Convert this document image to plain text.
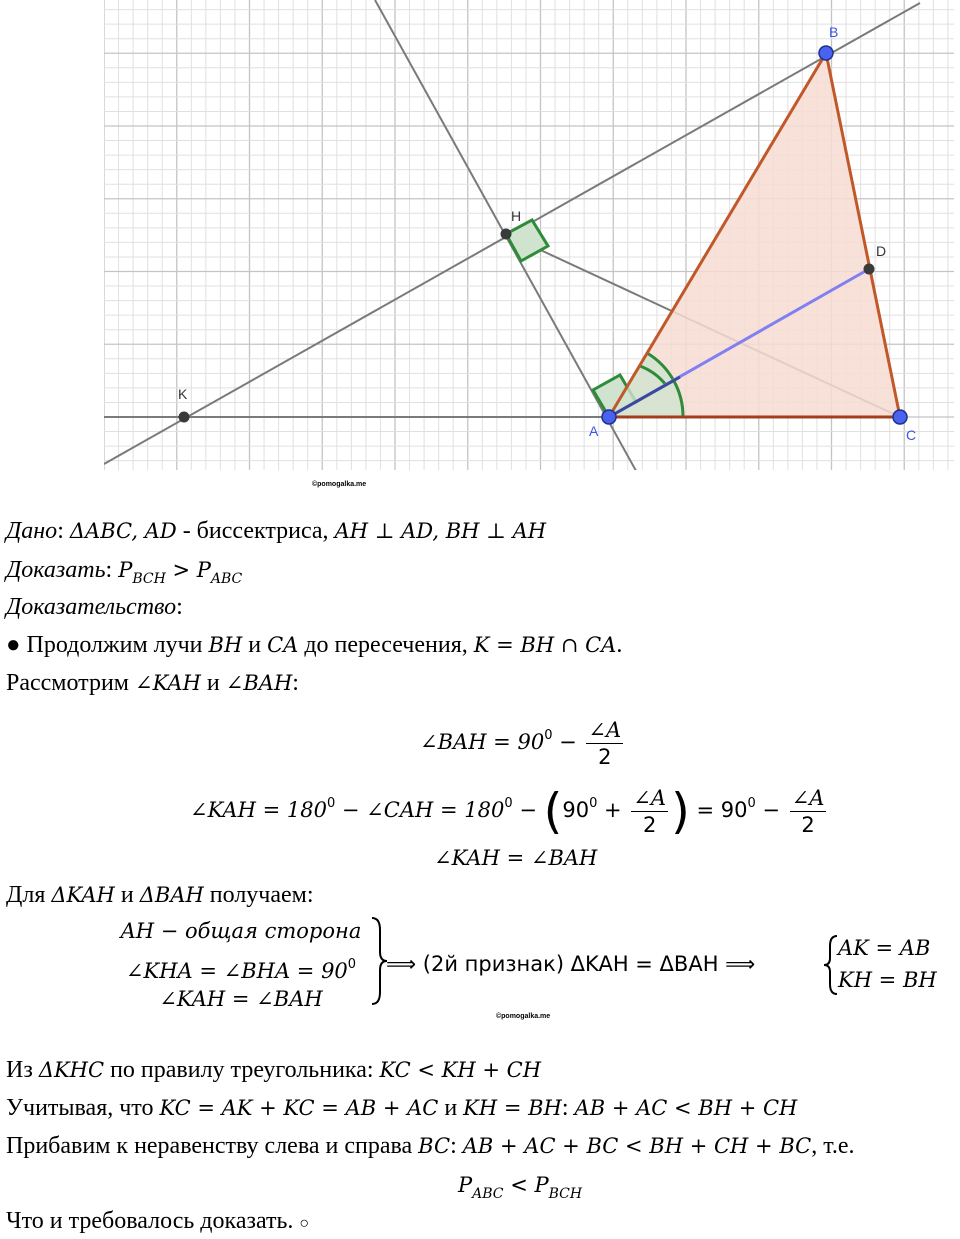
B
H
D
K
A	C
©pomogalka.me
Дано: ΔABC, AD - биссектриса, AH ⊥ AD, BH ⊥ AH
Доказать: $P_{BCH} > P_{ABC}$
Доказательство:
● Продолжим лучи BH и CA до пересечения, K = BH ∩ CA.
Рассмотрим ∠KAH и ∠BAH:
∠BAH = $90^0 - \frac{\angle A}{2}$
∠KAH = $180^0$ − ∠CAH = $180^0 - (90^0 + \frac{\angle A}{2}$ ) = $90^0 - \frac{\angle A}{2}$
∠KAH = ∠BAH
Для ΔKAH и ΔBAH получаем:
AH − общая сторона
∠KHA = ∠BHA = $90^0$
∠KAH = ∠BAH
⟹ (2й признак) ΔKAH = ΔBAH ⟹
AK = AB
KH = BH
©pomogalka.me
Из ΔKHC по правилу треугольника: KC < KH + CH
Учитывая, что KC = AK + KC = AB + AC и KH = BH: AB + AC < BH + CH
Прибавим к неравенству слева и справа BC: AB + AC + BC < BH + CH + BC, т.е.
$P_{ABC} < P_{BCH}$
Что и требовалось доказать. ○
